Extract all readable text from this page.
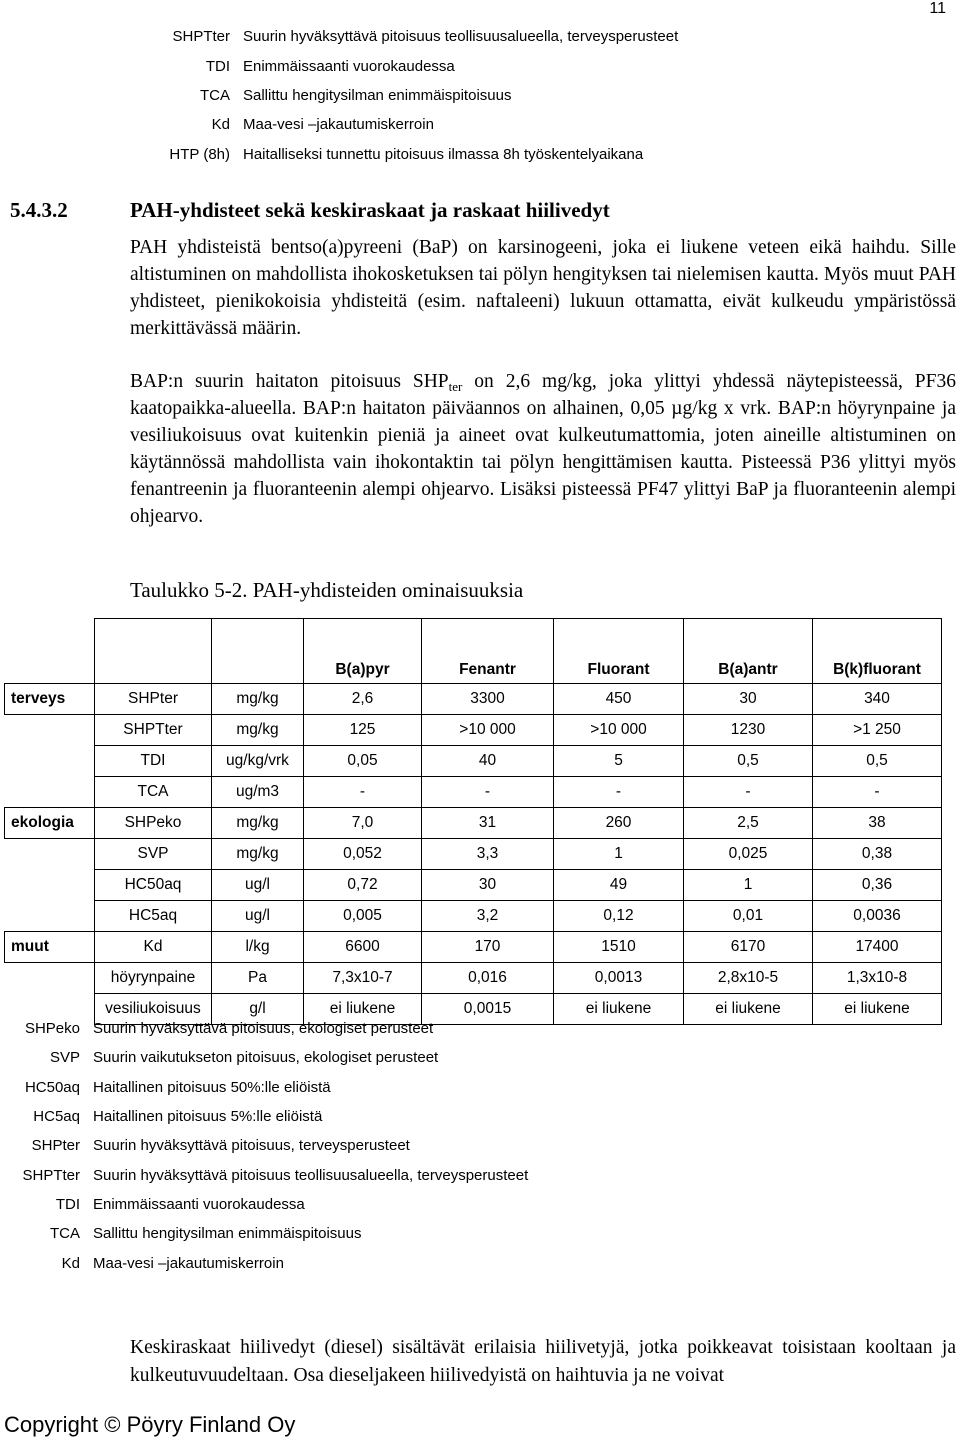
11
SHPTter Suurin hyväksyttävä pitoisuus teollisuusalueella, terveysperusteet
TDI Enimmäissaanti vuorokaudessa
TCA Sallittu hengitysilman enimmäispitoisuus
Kd Maa-vesi –jakautumiskerroin
HTP (8h) Haitalliseksi tunnettu pitoisuus ilmassa 8h työskentelyaikana
5.4.3.2	PAH-yhdisteet sekä keskiraskaat ja raskaat hiilivedyt
PAH yhdisteistä bentso(a)pyreeni (BaP) on karsinogeeni, joka ei liukene veteen eikä haihdu. Sille altistuminen on mahdollista ihokosketuksen tai pölyn hengityksen tai nielemisen kautta. Myös muut PAH yhdisteet, pienikokoisia yhdisteitä (esim. naftaleeni) lukuun ottamatta, eivät kulkeudu ympäristössä merkittävässä määrin.
BAP:n suurin haitaton pitoisuus $SHP_{ter}$ on 2,6 mg/kg, joka ylittyi yhdessä näytepisteessä, PF36 kaatopaikka-alueella. BAP:n haitaton päiväannos on alhainen, 0,05 µg/kg x vrk. BAP:n höyrynpaine ja vesiliukoisuus ovat kuitenkin pieniä ja aineet ovat kulkeutumattomia, joten aineille altistuminen on käytännössä mahdollista vain ihokontaktin tai pölyn hengittämisen kautta. Pisteessä P36 ylittyi myös fenantreenin ja fluoranteenin alempi ohjearvo. Lisäksi pisteessä PF47 ylittyi BaP ja fluoranteenin alempi ohjearvo.
Taulukko 5-2. PAH-yhdisteiden ominaisuuksia
			B(a)pyr	Fenantr	Fluorant	B(a)antr	B(k)fluorant
terveys	SHPter	mg/kg	2,6	3300	450	30	340
	SHPTter	mg/kg	125	>10 000	>10 000	1230	>1 250
	TDI	ug/kg/vrk	0,05	40	5	0,5	0,5
	TCA	ug/m3	-	-	-	-	-
ekologia	SHPeko	mg/kg	7,0	31	260	2,5	38
	SVP	mg/kg	0,052	3,3	1	0,025	0,38
	HC50aq	ug/l	0,72	30	49	1	0,36
	HC5aq	ug/l	0,005	3,2	0,12	0,01	0,0036
muut	Kd	l/kg	6600	170	1510	6170	17400
	höyrynpaine	Pa	7,3x10-7	0,016	0,0013	2,8x10-5	1,3x10-8
	vesiliukoisuus	g/l	ei liukene	0,0015	ei liukene	ei liukene	ei liukene
SHPeko Suurin hyväksyttävä pitoisuus, ekologiset perusteet
SVP Suurin vaikutukseton pitoisuus, ekologiset perusteet
HC50aq Haitallinen pitoisuus 50%:lle eliöistä
HC5aq Haitallinen pitoisuus 5%:lle eliöistä
SHPter Suurin hyväksyttävä pitoisuus, terveysperusteet
SHPTter Suurin hyväksyttävä pitoisuus teollisuusalueella, terveysperusteet
TDI Enimmäissaanti vuorokaudessa
TCA Sallittu hengitysilman enimmäispitoisuus
Kd Maa-vesi –jakautumiskerroin
Keskiraskaat hiilivedyt (diesel) sisältävät erilaisia hiilivetyjä, jotka poikkeavat toisistaan kooltaan ja kulkeutuvuudeltaan. Osa dieseljakeen hiilivedyistä on haihtuvia ja ne voivat
Copyright © Pöyry Finland Oy
